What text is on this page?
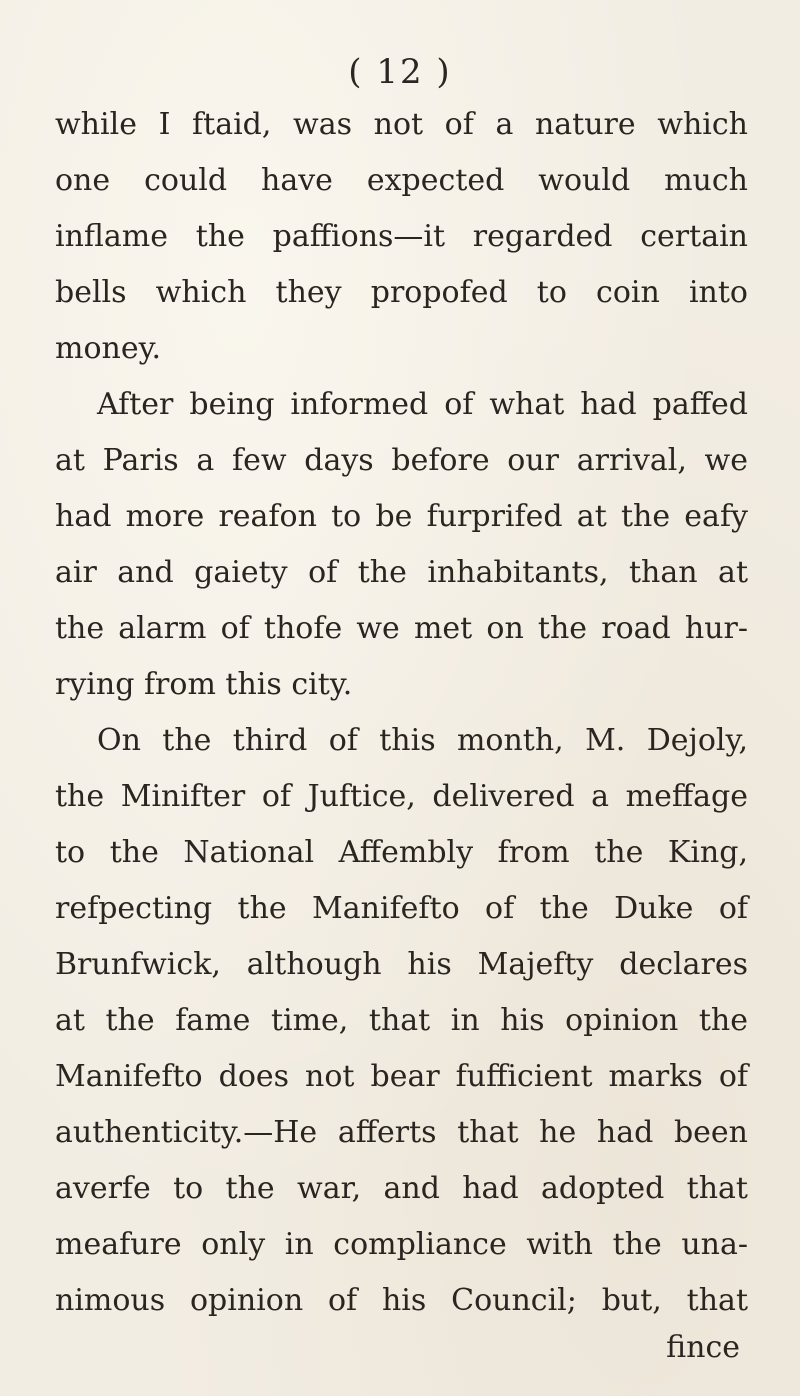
( 12 )
while I ftaid, was not of a nature which
one could have expected would much
inflame the paffions—it regarded certain
bells which they propofed to coin into
money.
After being informed of what had paffed
at Paris a few days before our arrival, we
had more reafon to be furprifed at the eafy
air and gaiety of the inhabitants, than at
the alarm of thofe we met on the road hur-
rying from this city.
On the third of this month, M. Dejoly,
the Minifter of Juftice, delivered a meffage
to the National Affembly from the King,
refpecting the Manifefto of the Duke of
Brunfwick, although his Majefty declares
at the fame time, that in his opinion the
Manifefto does not bear fufficient marks of
authenticity.—He afferts that he had been
averfe to the war, and had adopted that
meafure only in compliance with the una-
nimous opinion of his Council; but, that
fince
